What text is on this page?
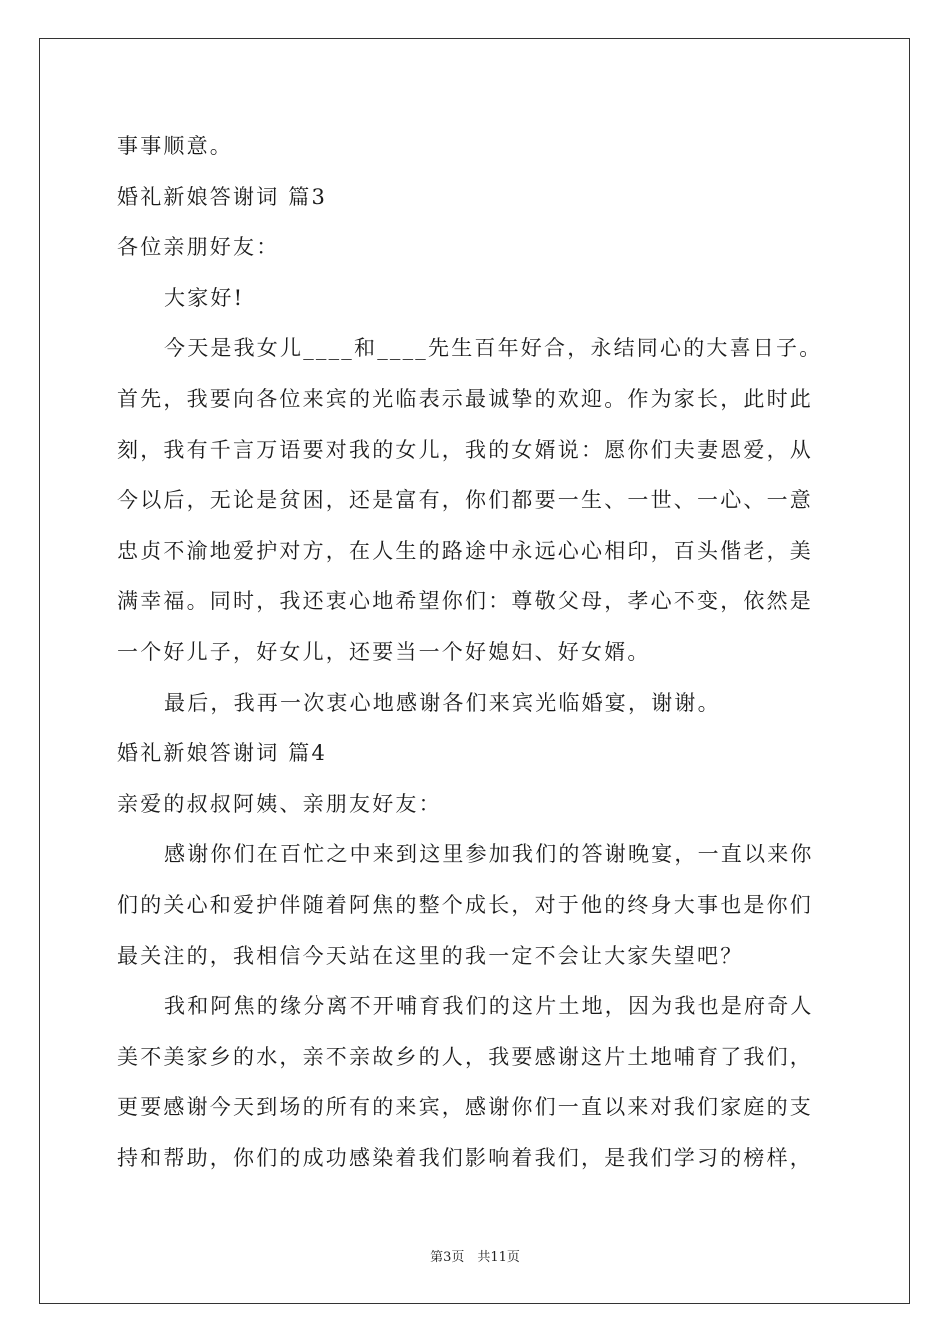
事事顺意。
婚礼新娘答谢词 篇3
各位亲朋好友：
大家好!
今天是我女儿____和____先生百年好合，永结同心的大喜日子。
首先，我要向各位来宾的光临表示最诚挚的欢迎。作为家长，此时此
刻，我有千言万语要对我的女儿，我的女婿说：愿你们夫妻恩爱，从
今以后，无论是贫困，还是富有，你们都要一生、一世、一心、一意
忠贞不渝地爱护对方，在人生的路途中永远心心相印，百头偕老，美
满幸福。同时，我还衷心地希望你们：尊敬父母，孝心不变，依然是
一个好儿子，好女儿，还要当一个好媳妇、好女婿。
最后，我再一次衷心地感谢各们来宾光临婚宴，谢谢。
婚礼新娘答谢词 篇4
亲爱的叔叔阿姨、亲朋友好友：
感谢你们在百忙之中来到这里参加我们的答谢晚宴，一直以来你
们的关心和爱护伴随着阿焦的整个成长，对于他的终身大事也是你们
最关注的，我相信今天站在这里的我一定不会让大家失望吧？
我和阿焦的缘分离不开哺育我们的这片土地，因为我也是府奇人
美不美家乡的水，亲不亲故乡的人，我要感谢这片土地哺育了我们，
更要感谢今天到场的所有的来宾，感谢你们一直以来对我们家庭的支
持和帮助，你们的成功感染着我们影响着我们，是我们学习的榜样，
第3页　共11页
